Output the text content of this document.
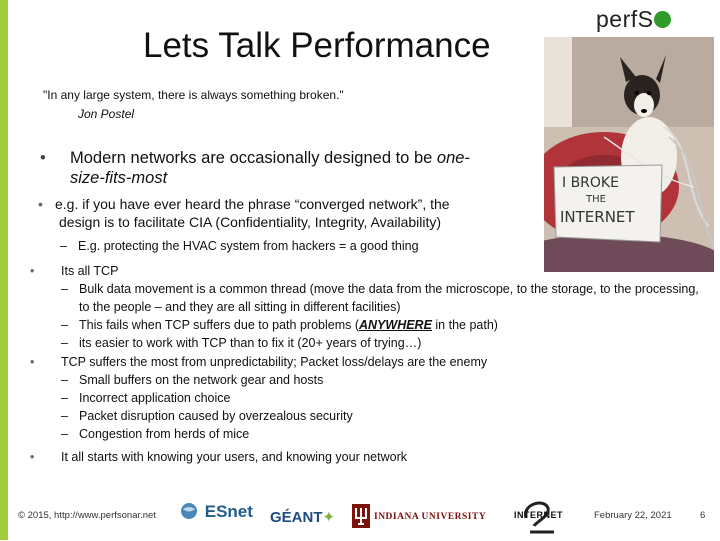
perfS
Lets Talk Performance
"In any large system, there is always something broken."
Jon Postel
I BROKE
THE
INTERNET
•	Modern networks are occasionally designed to be one-
size-fits-most
• e.g. if you have ever heard the phrase “converged network”, the
design is to facilitate CIA (Confidentiality, Integrity, Availability)
– E.g. protecting the HVAC system from hackers = a good thing
•	Its all TCP
– Bulk data movement is a common thread (move the data from the microscope, to the storage, to the processing, to the people – and they are all sitting in different facilities)
– This fails when TCP suffers due to path problems (ANYWHERE in the path)
– its easier to work with TCP than to fix it (20+ years of trying…)
•	TCP suffers the most from unpredictability; Packet loss/delays are the enemy
– Small buffers on the network gear and hosts
– Incorrect application choice
– Packet disruption caused by overzealous security
– Congestion from herds of mice
•	It all starts with knowing your users, and knowing your network
© 2015, http://www.perfsonar.net	ESnet GÉANT✦	INDIANA UNIVERSITY	INTERNET	February 22, 2021	6
